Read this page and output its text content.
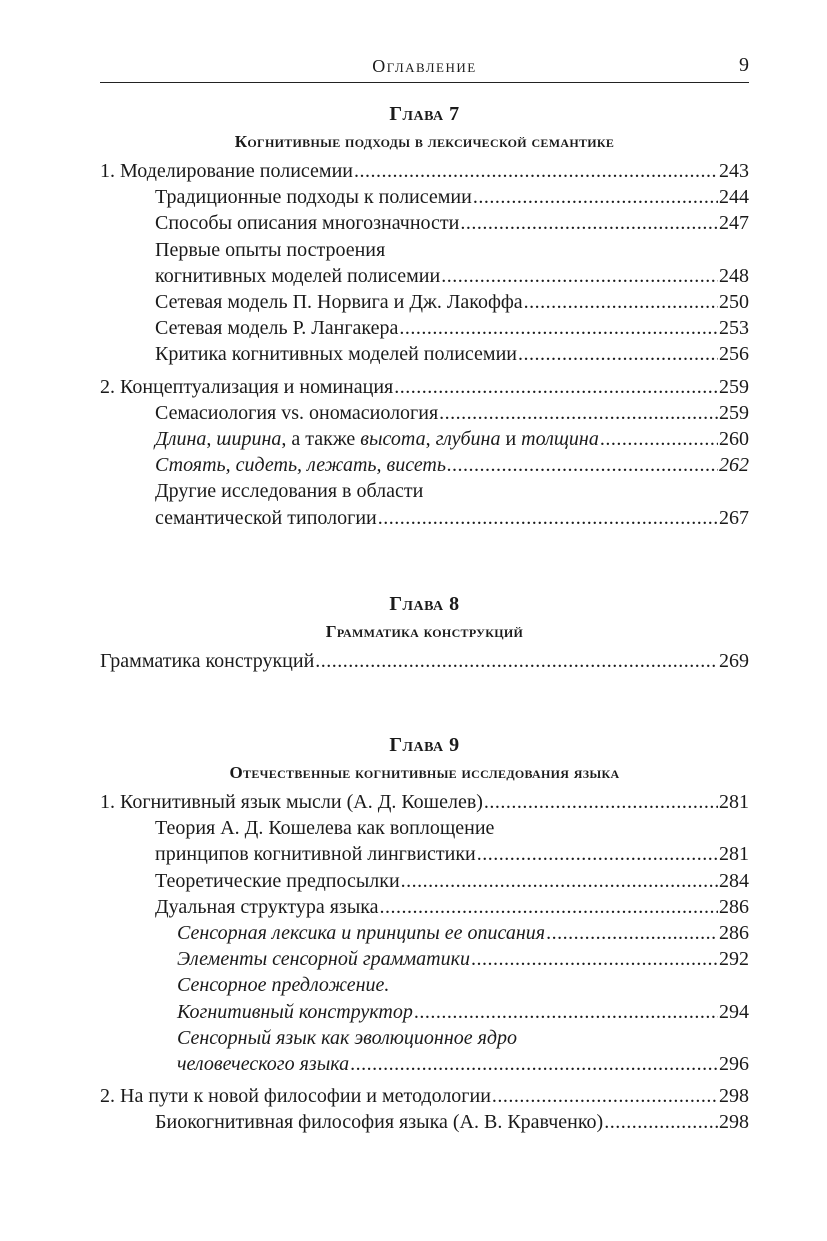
Оглавление	9
Глава 7
Когнитивные подходы в лексической семантике
1. Моделирование полисемии .....	243
Традиционные подходы к полисемии .....	244
Способы описания многозначности .....	247
Первые опыты построения
когнитивных моделей полисемии .....	248
Сетевая модель П. Норвига и Дж. Лакоффа .....	250
Сетевая модель Р. Лангакера .....	253
Критика когнитивных моделей полисемии .....	256
2. Концептуализация и номинация .....	259
Семасиология vs. ономасиология .....	259
Длина, ширина, а также высота, глубина и толщина .....	260
Стоять, сидеть, лежать, висеть .....	262
Другие исследования в области
семантической типологии .....	267
Глава 8
Грамматика конструкций
Грамматика конструкций .....	269
Глава 9
Отечественные когнитивные исследования языка
1. Когнитивный язык мысли (А. Д. Кошелев) .....	281
Теория А. Д. Кошелева как воплощение
принципов когнитивной лингвистики .....	281
Теоретические предпосылки .....	284
Дуальная структура языка .....	286
Сенсорная лексика и принципы ее описания .....	286
Элементы сенсорной грамматики .....	292
Сенсорное предложение.
Когнитивный конструктор .....	294
Сенсорный язык как эволюционное ядро
человеческого языка .....	296
2. На пути к новой философии и методологии .....	298
Биокогнитивная философия языка (А. В. Кравченко) .....	298
